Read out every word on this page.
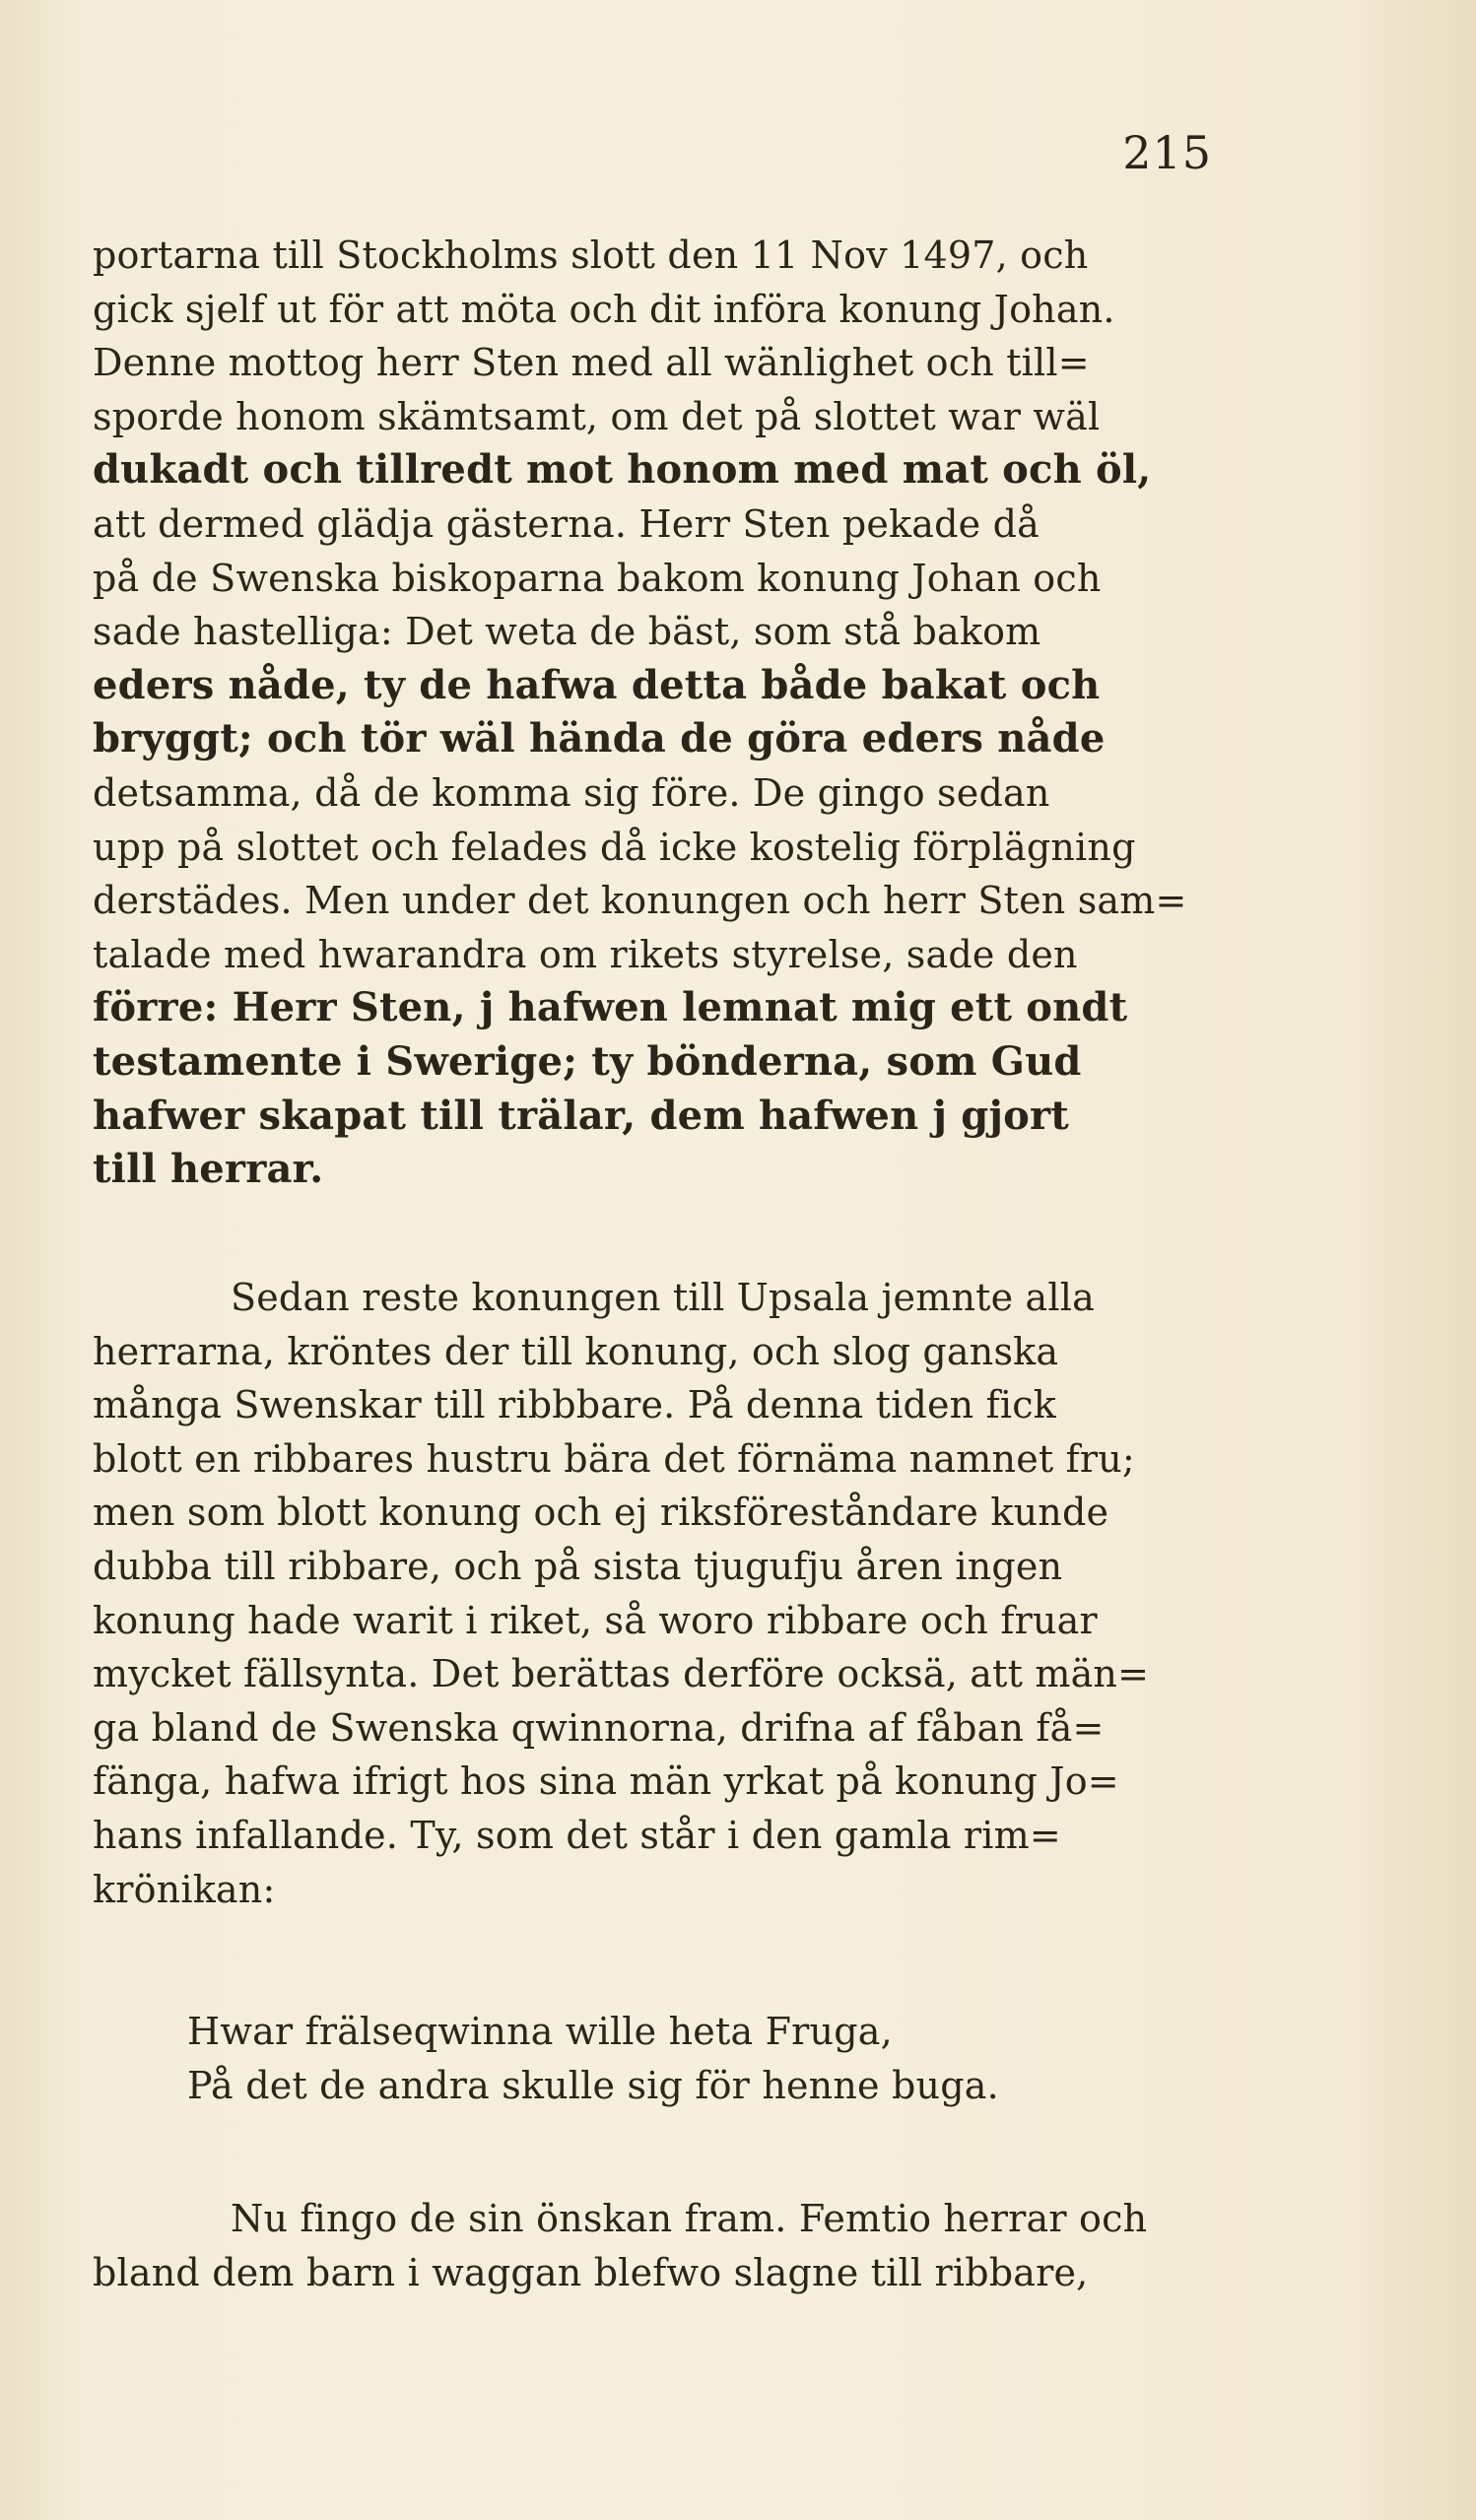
215
portarna till Stockholms slott den 11 Nov 1497, och
gick sjelf ut för att möta och dit införa konung Johan.
Denne mottog herr Sten med all wänlighet och till=
sporde honom skämtsamt, om det på slottet war wäl
dukadt och tillredt mot honom med mat och öl,
att dermed glädja gästerna. Herr Sten pekade då
på de Swenska biskoparna bakom konung Johan och
sade hastelliga: Det weta de bäst, som stå bakom
eders nåde, ty de hafwa detta både bakat och
bryggt; och tör wäl hända de göra eders nåde
detsamma, då de komma sig före. De gingo sedan
upp på slottet och felades då icke kostelig förplägning
derstädes. Men under det konungen och herr Sten sam=
talade med hwarandra om rikets styrelse, sade den
förre: Herr Sten, j hafwen lemnat mig ett ondt
testamente i Swerige; ty bönderna, som Gud
hafwer skapat till trälar, dem hafwen j gjort
till herrar.
Sedan reste konungen till Upsala jemnte alla
herrarna, kröntes der till konung, och slog ganska
många Swenskar till ribbbare. På denna tiden fick
blott en ribbares hustru bära det förnäma namnet fru;
men som blott konung och ej riksföreståndare kunde
dubba till ribbare, och på sista tjugufju åren ingen
konung hade warit i riket, så woro ribbare och fruar
mycket fällsynta. Det berättas derföre ocksä, att män=
ga bland de Swenska qwinnorna, drifna af fåban få=
fänga, hafwa ifrigt hos sina män yrkat på konung Jo=
hans infallande. Ty, som det står i den gamla rim=
krönikan:
Hwar frälseqwinna wille heta Fruga,
På det de andra skulle sig för henne buga.
Nu fingo de sin önskan fram. Femtio herrar och
bland dem barn i waggan blefwo slagne till ribbare,
